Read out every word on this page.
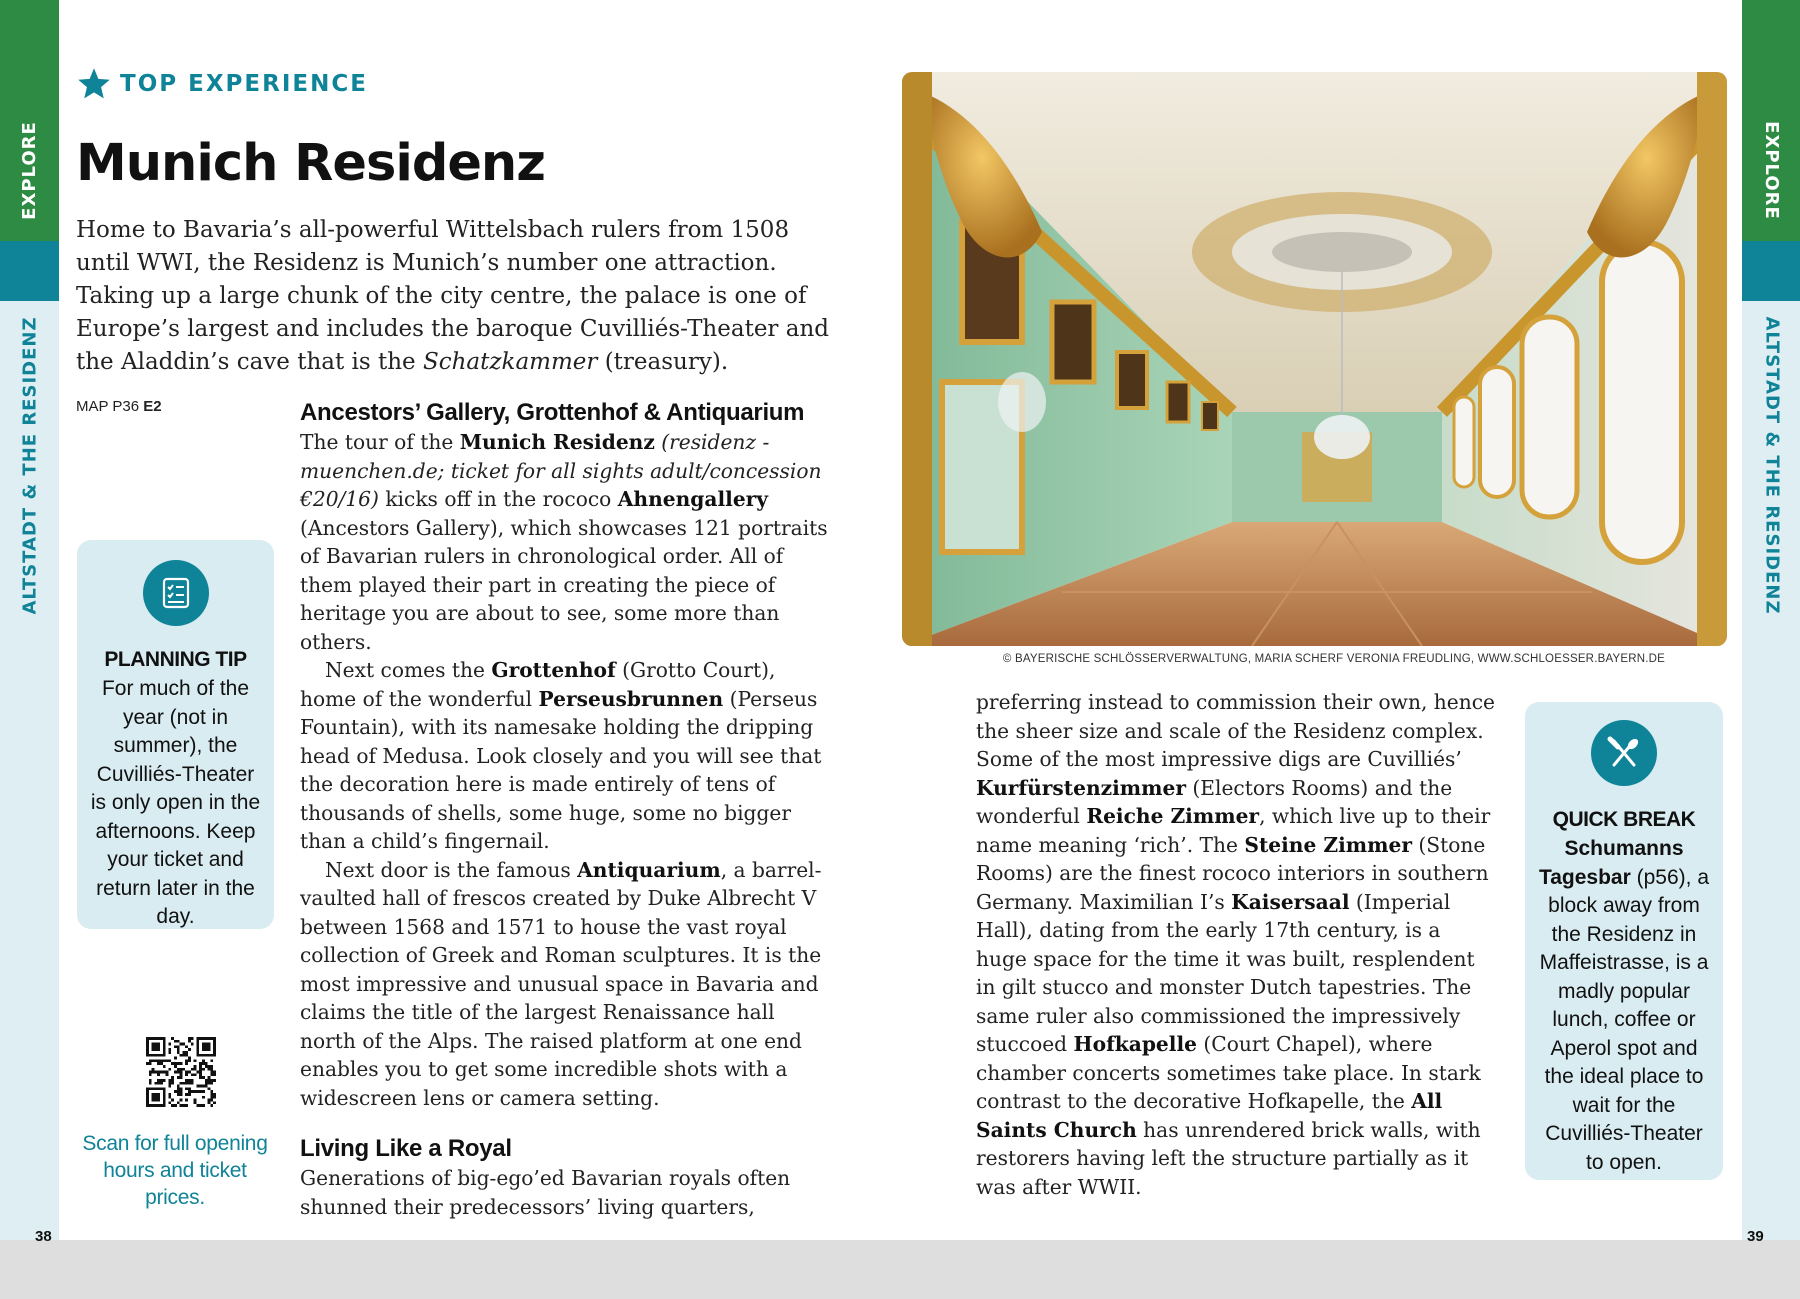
EXPLORE
ALTSTADT & THE RESIDENZ
EXPLORE
ALTSTADT & THE RESIDENZ
TOP EXPERIENCE
Munich Residenz

Home to Bavaria’s all-powerful Wittelsbach rulers from 1508 until WWI, the Residenz is Munich’s number one attraction. Taking up a large chunk of the city centre, the palace is one of Europe’s largest and includes the baroque Cuvilliés-Theater and the Aladdin’s cave that is the Schatzkammer (treasury).

MAP P36 E2
PLANNING TIP
For much of the year (not in summer), the Cuvilliés-Theater is only open in the afternoons. Keep your ticket and return later in the day.
Scan for full opening hours and ticket prices.
Ancestors’ Gallery, Grottenhof & Antiquarium

The tour of the Munich Residenz (residenz -muenchen.de; ticket for all sights adult/concession €20/16) kicks off in the rococo Ahnengallery (Ancestors Gallery), which showcases 121 portraits of Bavarian rulers in chronological order. All of them played their part in creating the piece of heritage you are about to see, some more than others.

Next comes the Grottenhof (Grotto Court), home of the wonderful Perseusbrunnen (Perseus Fountain), with its namesake holding the dripping head of Medusa. Look closely and you will see that the decoration here is made entirely of tens of thousands of shells, some huge, some no bigger than a child’s fingernail.

Next door is the famous Antiquarium, a barrel-vaulted hall of frescos created by Duke Albrecht V between 1568 and 1571 to house the vast royal collection of Greek and Roman sculptures. It is the most impressive and unusual space in Bavaria and claims the title of the largest Renaissance hall north of the Alps. The raised platform at one end enables you to get some incredible shots with a widescreen lens or camera setting.

Living Like a Royal

Generations of big-ego’ed Bavarian royals often shunned their predecessors’ living quarters,

© BAYERISCHE SCHLÖSSERVERWALTUNG, MARIA SCHERF VERONIA FREUDLING, WWW.SCHLOESSER.BAYERN.DE

preferring instead to commission their own, hence the sheer size and scale of the Residenz complex. Some of the most impressive digs are Cuvilliés’ Kurfürstenzimmer (Electors Rooms) and the wonderful Reiche Zimmer, which live up to their name meaning ‘rich’. The Steine Zimmer (Stone Rooms) are the finest rococo interiors in southern Germany. Maximilian I’s Kaisersaal (Imperial Hall), dating from the early 17th century, is a huge space for the time it was built, resplendent in gilt stucco and monster Dutch tapestries. The same ruler also commissioned the impressively stuccoed Hofkapelle (Court Chapel), where chamber concerts sometimes take place. In stark contrast to the decorative Hofkapelle, the All Saints Church has unrendered brick walls, with restorers having left the structure partially as it was after WWII.

QUICK BREAK
Schumanns Tagesbar (p56), a block away from the Residenz in Maffeistrasse, is a madly popular lunch, coffee or Aperol spot and the ideal place to wait for the Cuvilliés-Theater to open.
38	39
